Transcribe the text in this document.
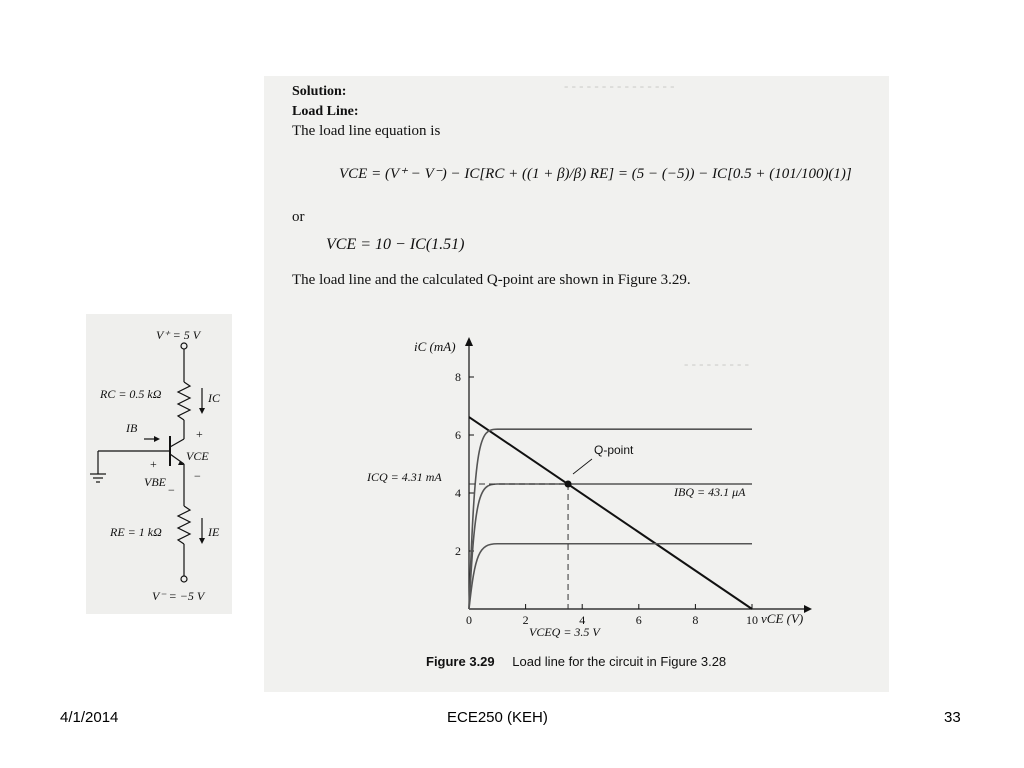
- - - - - - - - - - - - - - -
- - - - - - - - -
Solution:
Load Line:
The load line equation is
VCE = (V⁺ − V⁻) − IC[RC + ((1 + β)/β) RE] = (5 − (−5)) − IC[0.5 + (101/100)(1)]
or
VCE = 10 − IC(1.51)
The load line and the calculated Q-point are shown in Figure 3.29.
0	2	4	6	8	10
2
4
6
8
iC (mA)
vCE (V)
Q-point
ICQ = 4.31 mA
IBQ = 43.1 μA
VCEQ = 3.5 V
Figure 3.29 Load line for the circuit in Figure 3.28
V⁺ = 5 V
RC = 0.5 kΩ	IC
IB
VCE
VBE
RE = 1 kΩ	IE
V⁻ = −5 V
+
−
+
−
4/1/2014	ECE250 (KEH)	33
